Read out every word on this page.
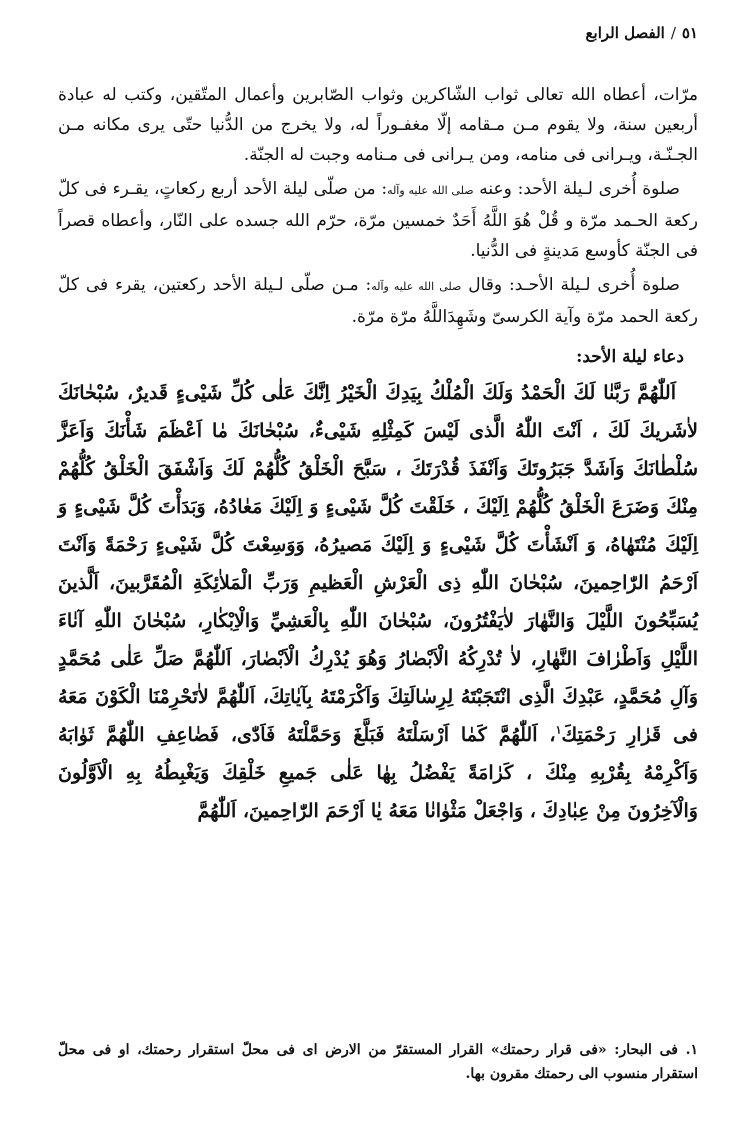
٥١
/
الفصل الرابع

مرّات، أعطاه الله تعالى ثواب الشّاكرين وثواب الصّابرين وأعمال المتّقين، وكتب له عبادة أربعين سنة، ولا يقوم مـن مـقامه إلّا مغفـوراً له، ولا يخرج من الدُّنيا حتّى يرى مكانه مـن الجـنّـة، ويـرانى فى منامه، ومن يـرانى فى مـنامه وجبت له الجنّة.

صلوة أُخرى لـيلة الأحد: وعنه صلى الله عليه وآله: من صلّى ليلة الأحد أربع ركعاتٍ، يقـرء فى كلّ ركعة الحـمد مرّة و قُلْ هُوَ اللَّهُ أَحَدٌ خمسين مرّة، حرّم الله جسده على النّار، وأعطاه قصراً فى الجنّة كأوسع مَدينةٍ فى الدُّنيا.

صلوة أُخرى لـيلة الأحـد: وقال صلى الله عليه وآله: مـن صلّى لـيلة الأحد ركعتين، يقرء فى كلّ ركعة الحمد مرّة وآية الكرسىّ وشَهِدَاللَّهُ مرّة مرّة.

دعاء ليلة الأحد:

اَللّٰهُمَّ رَبَّنٰا لَكَ الْحَمْدُ وَلَكَ الْمُلْكُ بِيَدِكَ الْخَيْرُ اِنَّكَ عَلٰى كُلِّ شَيْىءٍ قَديرٌ، سُبْحٰانَكَ لاٰشَريكَ لَكَ ، اَنْتَ اللّٰهُ الَّذى لَيْسَ كَمِثْلِهِ شَيْىءٌ، سُبْحٰانَكَ مٰا اَعْظَمَ شَأْنَكَ وَاَعَزَّ سُلْطٰانَكَ وَاَشَدَّ جَبَرُوتَكَ وَاَنْفَذَ قُدْرَتَكَ ، سَبَّحَ الْخَلْقُ كُلُّهُمْ لَكَ وَاَشْفَقَ الْخَلْقُ كُلُّهُمْ مِنْكَ وَضَرَعَ الْخَلْقُ كُلُّهُمْ اِلَيْكَ ، خَلَقْتَ كُلَّ شَيْىءٍ وَ اِلَيْكَ مَعٰادُهُ، وَبَدَأْتَ كُلَّ شَيْىءٍ وَ اِلَيْكَ مُنْتَهٰاهُ، وَ اَنْشَأْتَ كُلَّ شَيْىءٍ وَ اِلَيْكَ مَصيرُهُ، وَوَسِعْتَ كُلَّ شَيْىءٍ رَحْمَةً وَاَنْتَ اَرْحَمُ الرّٰاحِمينَ، سُبْحٰانَ اللّٰهِ ذِى الْعَرْشِ الْعَظيمِ وَرَبِّ الْمَلاٰئِكَةِ الْمُقَرَّبينَ، اَلَّذينَ يُسَبِّحُونَ اللَّيْلَ وَالنَّهٰارَ لاٰيَفْتُرُونَ، سُبْحٰانَ اللّٰهِ بِالْعَشِيِّ وَالْاِبْكٰارِ، سُبْحٰانَ اللّٰهِ آنٰاءَ اللَّيْلِ وَاَطْرٰافَ النَّهٰارِ، لاٰ تُدْرِكُهُ الْاَبْصٰارُ وَهُوَ يُدْرِكُ الْاَبْصٰارَ، اَللّٰهُمَّ صَلِّ عَلٰى مُحَمَّدٍ وَآلِ مُحَمَّدٍ، عَبْدِكَ الَّذِى انْتَجَبْتَهُ لِرِسٰالَتِكَ وَاَكْرَمْتَهُ بِآيٰاتِكَ، اَللّٰهُمَّ لاٰتَحْرِمْنَا الْكَوْنَ مَعَهُ فى قَرٰارِ رَحْمَتِكَ$^١$، اَللّٰهُمَّ كَمٰا اَرْسَلْتَهُ فَبَلَّغَ وَحَمَّلْتَهُ فَاَدّٰى، فَضٰاعِفِ اللّٰهُمَّ ثَوٰابَهُ وَاَكْرِمْهُ بِقُرْبِهِ مِنْكَ ، كَرٰامَةً يَفْضُلُ بِهٰا عَلٰى جَميعِ خَلْقِكَ وَيَغْبِطُهُ بِهِ الْاَوَّلُونَ وَالْآخِرُونَ مِنْ عِبٰادِكَ ، وَاجْعَلْ مَثْوٰانٰا مَعَهُ يٰا اَرْحَمَ الرّٰاحِمينَ، اَللّٰهُمَّ

١. فى البحار: «فى قرار رحمتك» القرار المستقرّ من الارض اى فى محلّ استقرار رحمتك، او فى محلّ استقرار منسوب الى رحمتك مقرون بها.
